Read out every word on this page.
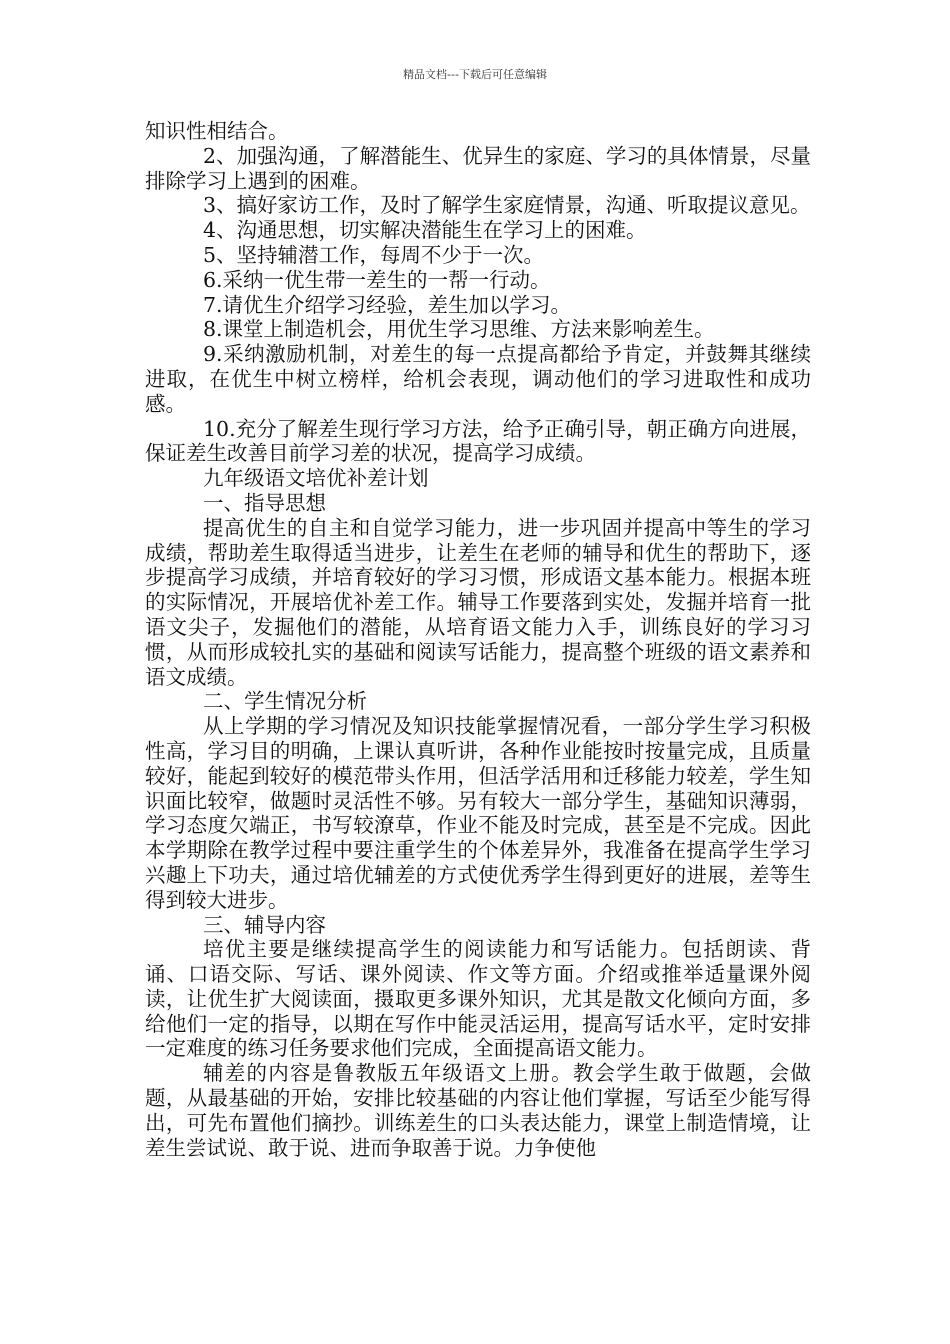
精品文档---下载后可任意编辑

知识性相结合。

2、加强沟通，了解潜能生、优异生的家庭、学习的具体情景，尽量排除学习上遇到的困难。

3、搞好家访工作，及时了解学生家庭情景，沟通、听取提议意见。

4、沟通思想，切实解决潜能生在学习上的困难。

5、坚持辅潜工作，每周不少于一次。

6.采纳一优生带一差生的一帮一行动。

7.请优生介绍学习经验，差生加以学习。

8.课堂上制造机会，用优生学习思维、方法来影响差生。

9.采纳激励机制，对差生的每一点提高都给予肯定，并鼓舞其继续进取，在优生中树立榜样，给机会表现，调动他们的学习进取性和成功感。

10.充分了解差生现行学习方法，给予正确引导，朝正确方向进展，保证差生改善目前学习差的状况，提高学习成绩。

九年级语文培优补差计划

一、指导思想

提高优生的自主和自觉学习能力，进一步巩固并提高中等生的学习成绩，帮助差生取得适当进步，让差生在老师的辅导和优生的帮助下，逐步提高学习成绩，并培育较好的学习习惯，形成语文基本能力。根据本班的实际情况，开展培优补差工作。辅导工作要落到实处，发掘并培育一批语文尖子，发掘他们的潜能，从培育语文能力入手，训练良好的学习习惯，从而形成较扎实的基础和阅读写话能力，提高整个班级的语文素养和语文成绩。

二、学生情况分析

从上学期的学习情况及知识技能掌握情况看，一部分学生学习积极性高，学习目的明确，上课认真听讲，各种作业能按时按量完成，且质量较好，能起到较好的模范带头作用，但活学活用和迁移能力较差，学生知识面比较窄，做题时灵活性不够。另有较大一部分学生，基础知识薄弱，学习态度欠端正，书写较潦草，作业不能及时完成，甚至是不完成。因此本学期除在教学过程中要注重学生的个体差异外，我准备在提高学生学习兴趣上下功夫，通过培优辅差的方式使优秀学生得到更好的进展，差等生得到较大进步。

三、辅导内容

培优主要是继续提高学生的阅读能力和写话能力。包括朗读、背诵、口语交际、写话、课外阅读、作文等方面。介绍或推举适量课外阅读，让优生扩大阅读面，摄取更多课外知识，尤其是散文化倾向方面，多给他们一定的指导，以期在写作中能灵活运用，提高写话水平，定时安排一定难度的练习任务要求他们完成，全面提高语文能力。

辅差的内容是鲁教版五年级语文上册。教会学生敢于做题，会做题，从最基础的开始，安排比较基础的内容让他们掌握，写话至少能写得出，可先布置他们摘抄。训练差生的口头表达能力，课堂上制造情境，让差生尝试说、敢于说、进而争取善于说。力争使他
